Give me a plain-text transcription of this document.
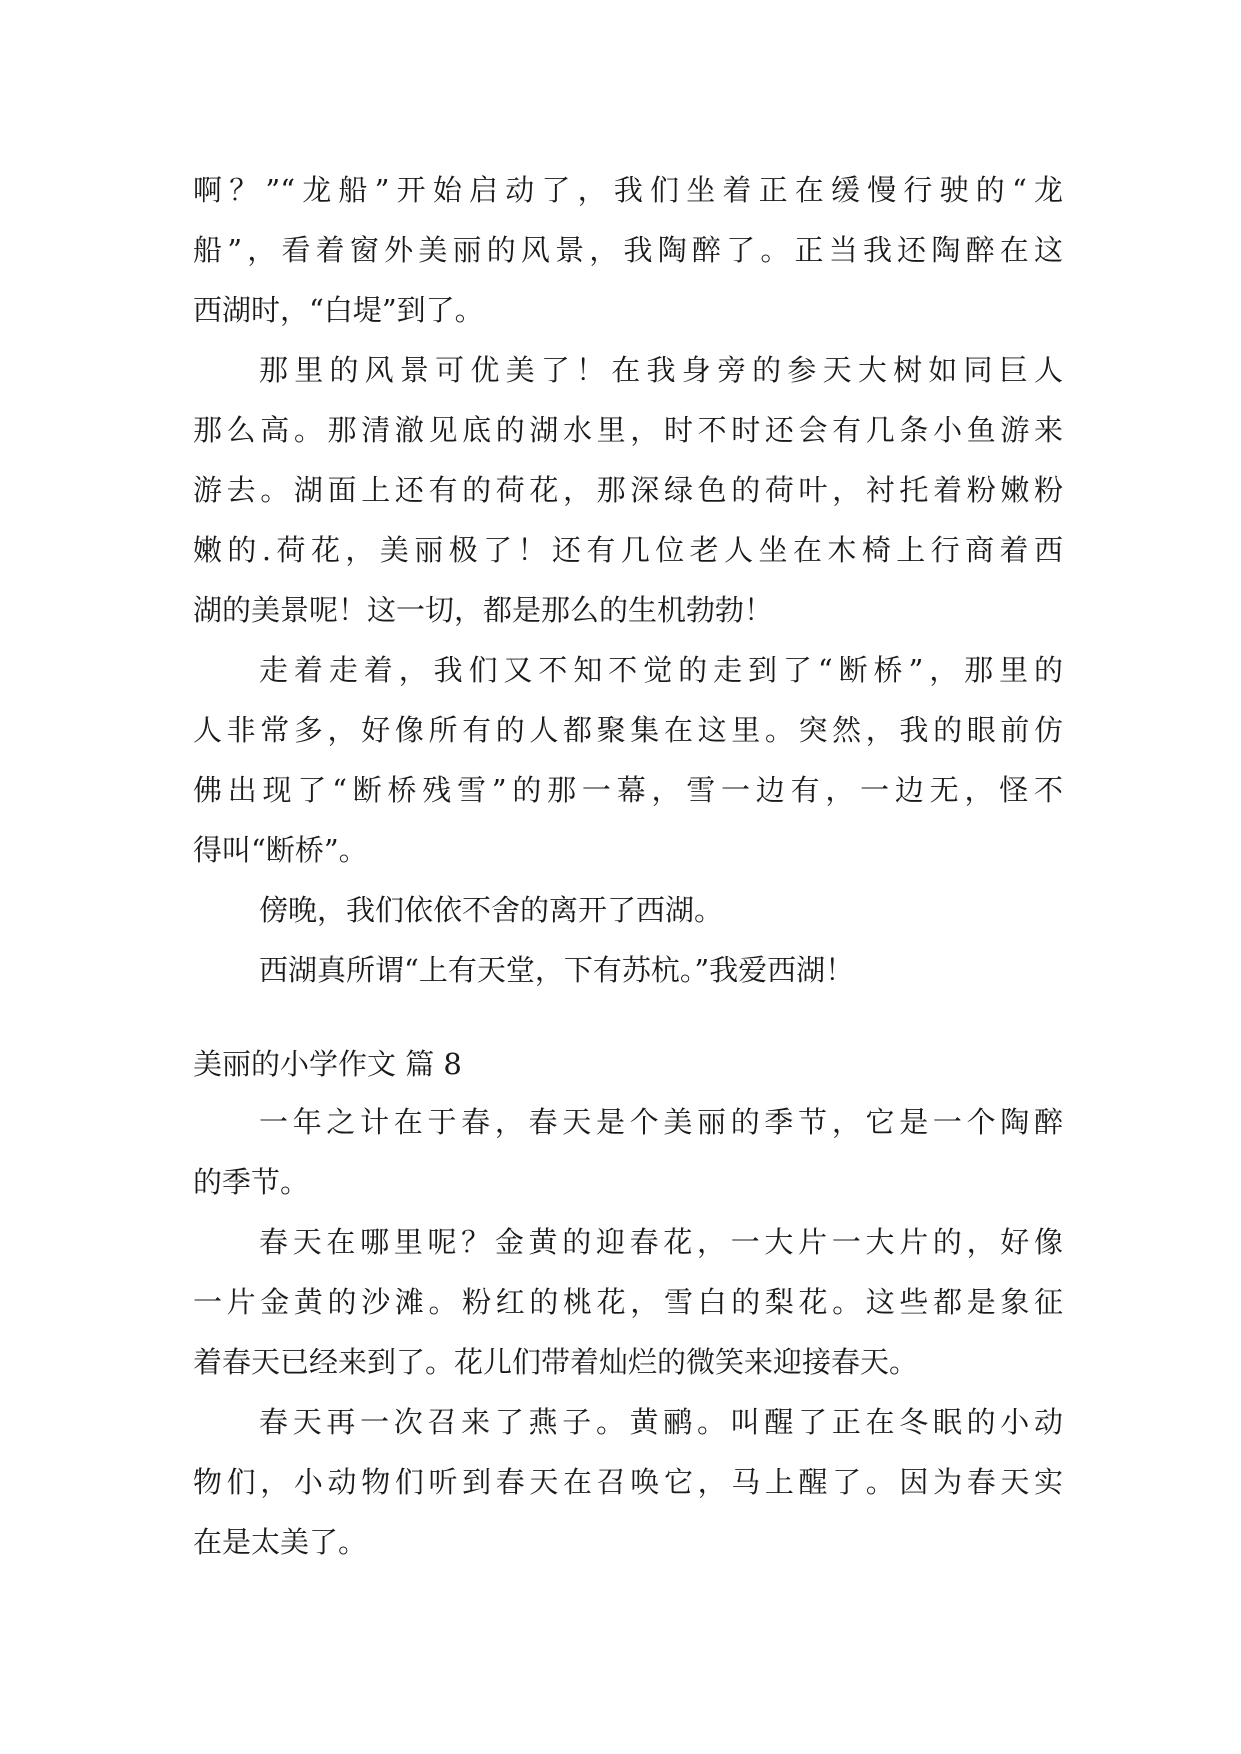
啊？”“龙船”开始启动了，我们坐着正在缓慢行驶的“龙
船”，看着窗外美丽的风景，我陶醉了。正当我还陶醉在这
西湖时，“白堤”到了。
那里的风景可优美了！在我身旁的参天大树如同巨人
那么高。那清澈见底的湖水里，时不时还会有几条小鱼游来
游去。湖面上还有的荷花，那深绿色的荷叶，衬托着粉嫩粉
嫩的.荷花，美丽极了！还有几位老人坐在木椅上行商着西
湖的美景呢！这一切，都是那么的生机勃勃！
走着走着，我们又不知不觉的走到了“断桥”，那里的
人非常多，好像所有的人都聚集在这里。突然，我的眼前仿
佛出现了“断桥残雪”的那一幕，雪一边有，一边无，怪不
得叫“断桥”。
傍晚，我们依依不舍的离开了西湖。
西湖真所谓“上有天堂，下有苏杭。”我爱西湖！
美丽的小学作文 篇 8
一年之计在于春，春天是个美丽的季节，它是一个陶醉
的季节。
春天在哪里呢？金黄的迎春花，一大片一大片的，好像
一片金黄的沙滩。粉红的桃花，雪白的梨花。这些都是象征
着春天已经来到了。花儿们带着灿烂的微笑来迎接春天。
春天再一次召来了燕子。黄鹂。叫醒了正在冬眠的小动
物们，小动物们听到春天在召唤它，马上醒了。因为春天实
在是太美了。
